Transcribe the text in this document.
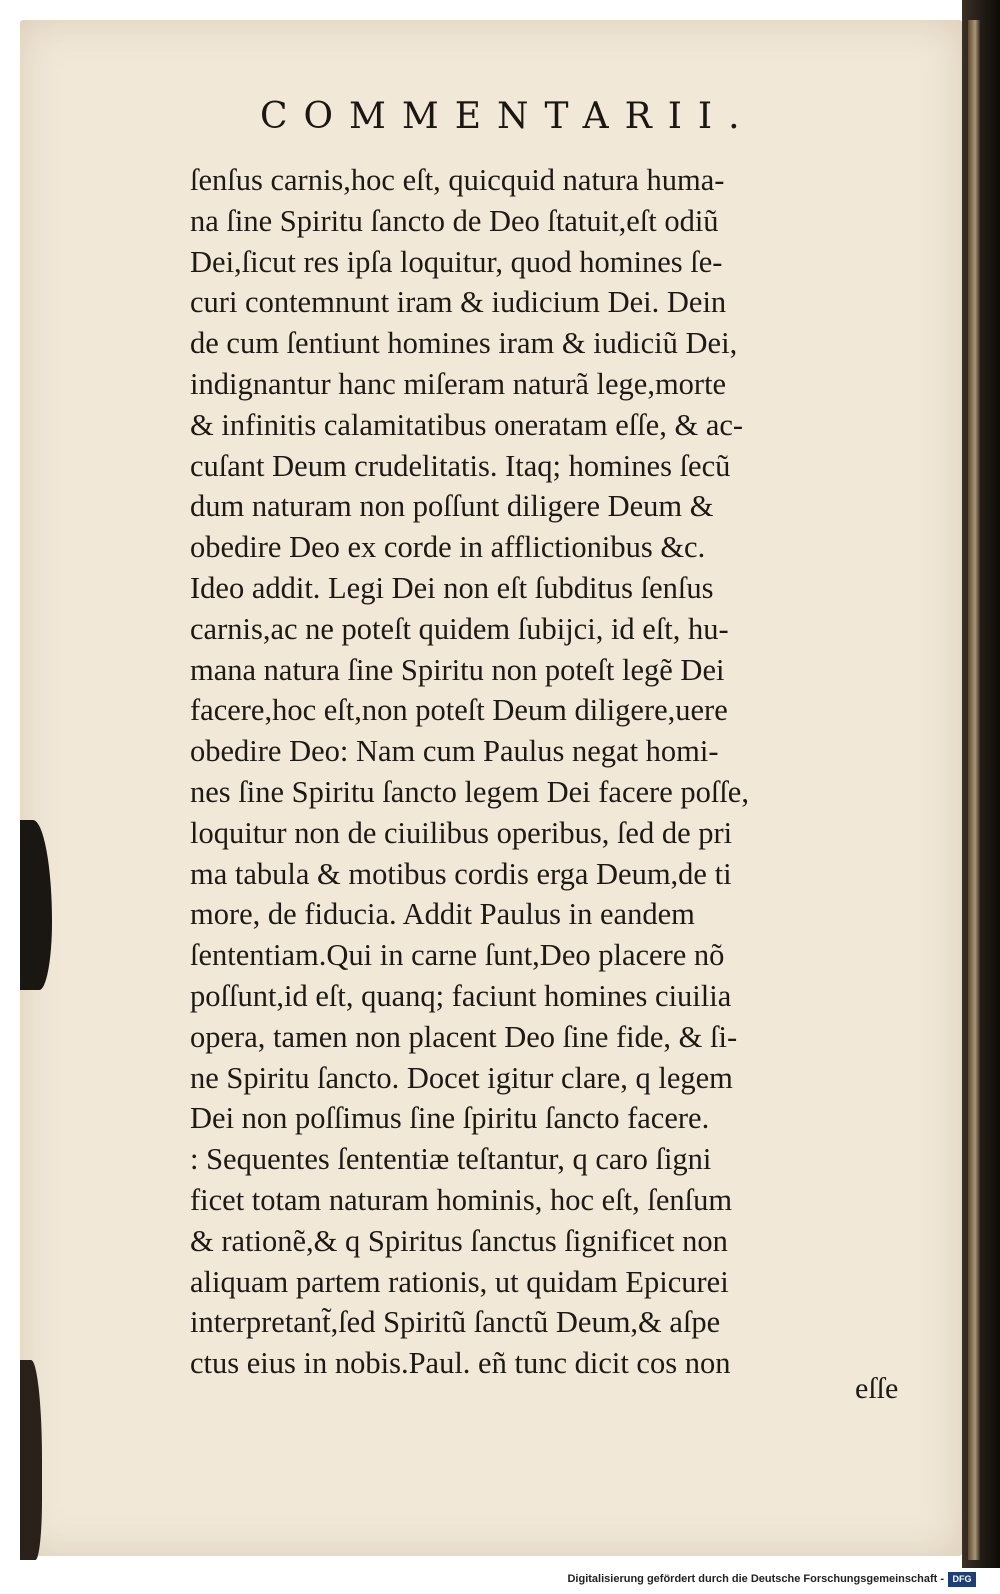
COMMENTARII.
ſenſus carnis,hoc eſt, quicquid natura huma-
na ſine Spiritu ſancto de Deo ſtatuit,eſt odiũ
Dei,ſicut res ipſa loquitur, quod homines ſe-
curi contemnunt iram & iudicium Dei. Dein
de cum ſentiunt homines iram & iudiciũ Dei,
indignantur hanc miſeram naturã lege,morte
& infinitis calamitatibus oneratam eſſe, & ac-
cuſant Deum crudelitatis. Itaq; homines ſecũ
dum naturam non poſſunt diligere Deum &
obedire Deo ex corde in afflictionibus &c.
Ideo addit. Legi Dei non eſt ſubditus ſenſus
carnis,ac ne poteſt quidem ſubijci, id eſt, hu-
mana natura ſine Spiritu non poteſt legẽ Dei
facere,hoc eſt,non poteſt Deum diligere,uere
obedire Deo: Nam cum Paulus negat homi-
nes ſine Spiritu ſancto legem Dei facere poſſe,
loquitur non de ciuilibus operibus, ſed de pri
ma tabula & motibus cordis erga Deum,de ti
more, de fiducia. Addit Paulus in eandem
ſententiam.Qui in carne ſunt,Deo placere nõ
poſſunt,id eſt, quanq; faciunt homines ciuilia
opera, tamen non placent Deo ſine fide, & ſi-
ne Spiritu ſancto. Docet igitur clare, q legem
Dei non poſſimus ſine ſpiritu ſancto facere.
: Sequentes ſententiæ teſtantur, q caro ſigni
ficet totam naturam hominis, hoc eſt, ſenſum
& rationẽ,& q Spiritus ſanctus ſignificet non
aliquam partem rationis, ut quidam Epicurei
interpretant̃,ſed Spiritũ ſanctũ Deum,& aſpe
ctus eius in nobis.Paul. eñ tunc dicit cos non
eſſe
Digitalisierung gefördert durch die Deutsche Forschungsgemeinschaft - DFG
